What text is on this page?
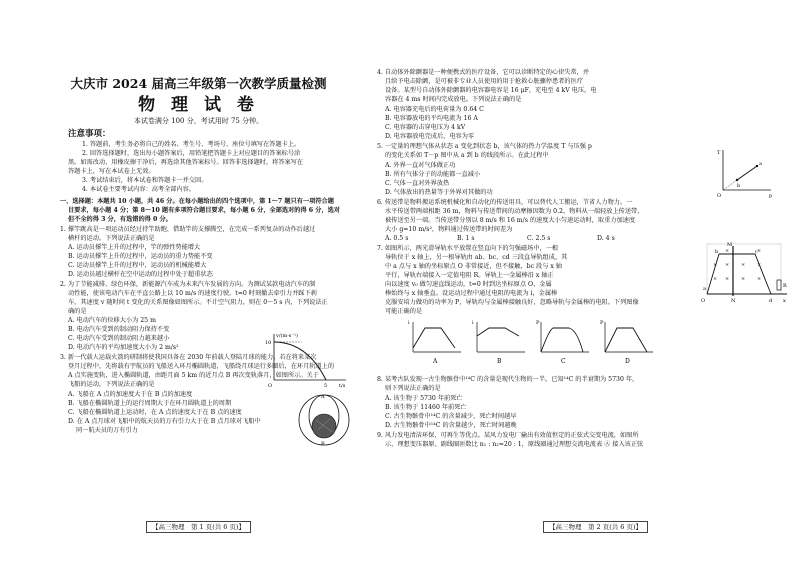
大庆市 2024 届高三年级第一次教学质量检测
物 理 试 卷
本试卷满分 100 分，考试用时 75 分钟。
注意事项：
1. 答题前，考生务必将自己的姓名、考生号、考场号、座位号填写在答题卡上。
2. 回答选择题时，选出每小题答案后，用铅笔把答题卡上对应题目的答案标号涂
黑。如需改动，用橡皮擦干净后，再选涂其他答案标号。回答非选择题时，将答案写在
答题卡上，写在本试卷上无效。
3. 考试结束后，将本试卷和答题卡一并交回。
4. 本试卷主要考试内容：高考全部内容。
一、选择题：本题共 10 小题，共 46 分。在每小题给出的四个选项中，第 1～7 题只有一项符合题
目要求，每小题 4 分；第 8～10 题有多项符合题目要求，每小题 6 分，全部选对的得 6 分，选对
但不全的得 3 分，有选错的得 0 分。
1. 撑竿跳高是一项运动员经过持竿助跑，借助竿的支撑腾空，在完成一系列复杂的动作后越过
横杆的运动。下列说法正确的是
A. 运动员撑竿上升的过程中，竿的弹性势能增大
B. 运动员撑竿上升的过程中，运动员的重力势能不变
C. 运动员撑竿上升的过程中，运动员的机械能增大
D. 运动员越过横杆在空中运动的过程中处于超重状态
2. 为了节能减排、绿色环保，新能源汽车成为未来汽车发展的方向。为测试某款电动汽车的制
动性能，使该电动汽车在平直公路上以 10 m/s 的速度行驶，t=0 时刻撤去牵引力并踩下刹
车，其速度 v 随时间 t 变化的关系图像如图所示。不计空气阻力，则在 0～5 s 内，下列说法正
确的是
A. 电动汽车的位移大小为 25 m
B. 电动汽车受到的制动阻力保持不变
C. 电动汽车受到的制动阻力越来越小
D. 电动汽车的平均加速度大小为 2 m/s²
v/(m·s⁻¹)
10
5 t/s
O
3. 新一代载人运载火箭的研制将使我国具备在 2030 年前载人登陆月球的能力。若在将来某次
登月过程中，先将载有宇航员的飞船送入环月椭圆轨道，飞船绕月球运行多圈后，在环月轨道上的
A 点实施变轨，进入椭圆轨道，由距月面 5 km 的近月点 B 再次变轨落月，如图所示。关于
飞船的运动，下列说法正确的是
A. 飞船在 A 点的加速度大于在 B 点的加速度
B. 飞船在椭圆轨道上的运行周期大于在环月圆轨道上的周期
C. 飞船在椭圆轨道上运动时，在 A 点的速度大于在 B 点的速度
D. 在 A 点月球对飞船中的航天员的万有引力大于在 B 点月球对飞船中
同一航天员的万有引力
A
B
【高三物理　第 1 页(共 6 页)】
4. 自动体外除颤器是一种便携式的医疗设备，它可以诊断特定的心律失常，并
且给予电击除颤，是可被非专业人员使用的用于抢救心脏骤停患者的医疗
设备。某型号自动体外除颤器的电容器电容是 16 μF，充电至 4 kV 电压，电
容器在 4 ms 时间内完成放电。下列说法正确的是
A. 电容器充电后的电荷量为 0.64 C
B. 电容器放电的平均电流为 16 A
C. 电容器的击穿电压为 4 kV
D. 电容器放电完成后，电容为零
5. 一定量的理想气体从状态 a 变化到状态 b，该气体的热力学温度 T 与压强 p
的变化关系如 T－p 图中从 a 到 b 的线段所示。在此过程中
A. 外界一直对气体做正功
B. 所有气体分子的动能都一直减小
C. 气体一直对外界放热
D. 气体放出的热量等于外界对其做的功
T
p
O
a
b
6. 传送带是物料搬运系统机械化和自动化的传送用具，可以替代人工搬运，节省人力物力。一
水平传送带两端相距 36 m，物料与传送带间的动摩擦因数为 0.2，物料从一端轻放上传送带，
被传送至另一端。当传送带分别以 8 m/s 和 16 m/s 的速度大小匀速运动时，取重力加速度
大小 g=10 m/s²，物料通过传送带的时间差为
A. 0.5 s	B. 1 s	C. 2.5 s	D. 4 s
7. 如图所示，两光滑导轨水平放置在竖直向下的匀强磁场中，一根
导轨位于 x 轴上，另一根导轨由 ab、bc、cd 三段直导轨组成，其
中 a 点与 x 轴的坐标原点 O 非常接近，但不接触，bc 段与 x 轴
平行，导轨右端接入一定值电阻 R。导轨上一金属棒沿 x 轴正
向以速度 v₀ 做匀速直线运动，t=0 时到达坐标原点 O，金属
棒始终与 x 轴垂直。设运动过程中通过电阻的电流为 i，金属棒
克服安培力做功的功率为 P，导轨均与金属棒接触良好，忽略导轨与金属棒的电阻。下列图像
可能正确的是
× × × ×
× × × ×
×	×
M
b	c
R
N
a
d
O	x
i
A
i
B
P
C
P
D
8. 某考古队发现一古生物骸骨中¹⁴C 的含量是现代生物的一半，已知¹⁴C 的半衰期为 5730 年，
则下列说法正确的是
A. 该生物于 5730 年前死亡
B. 该生物于 11460 年前死亡
C. 古生物骸骨中¹⁴C 的含量减少，死亡时间越早
D. 古生物骸骨中¹⁴C 的含量越少，死亡时间越晚
9. 风力发电清洁环保，可再生等优点。某风力发电厂输出有效值恒定的正弦式交变电流，如图所
示，理想变压器原、副线圈匝数比 n₁ : n₂=20 : 1，原线圈通过理想交流电流表 Ⓐ 接入该正弦
【高三物理　第 2 页(共 6 页)】
